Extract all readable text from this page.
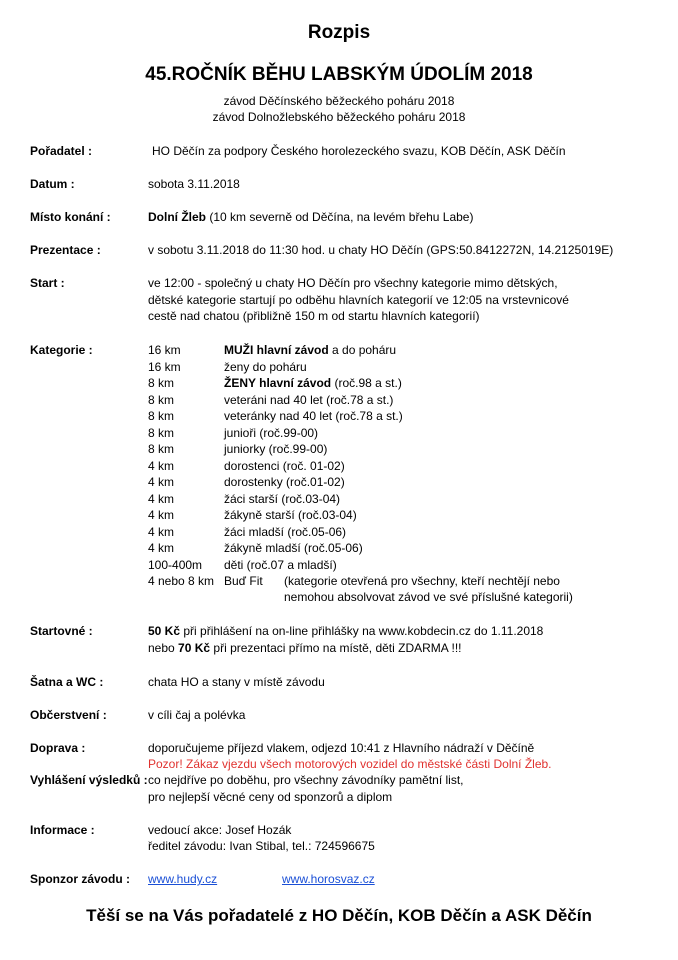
Rozpis
45.ROČNÍK BĚHU LABSKÝM ÚDOLÍM 2018
závod Děčínského běžeckého poháru 2018
závod Dolnožlebského běžeckého poháru 2018
Pořadatel :	HO Děčín za podpory Českého horolezeckého svazu, KOB Děčín, ASK Děčín
Datum :	sobota 3.11.2018
Místo konání :	Dolní Žleb (10 km severně od Děčína, na levém břehu Labe)
Prezentace :	v sobotu 3.11.2018 do 11:30 hod. u chaty HO Děčín (GPS:50.8412272N, 14.2125019E)
Start :	ve 12:00 - společný u chaty HO Děčín pro všechny kategorie mimo dětských,
dětské kategorie startují po odběhu hlavních kategorií ve 12:05 na vrstevnicové
cestě nad chatou (přibližně 150 m od startu hlavních kategorií)
Kategorie :	16 km	MUŽI hlavní závod a do poháru
16 km	ženy do poháru
8 km	ŽENY hlavní závod (roč.98 a st.)
8 km	veteráni nad 40 let (roč.78 a st.)
8 km	veteránky nad 40 let (roč.78 a st.)
8 km	junioři (roč.99-00)
8 km	juniorky (roč.99-00)
4 km	dorostenci (roč. 01-02)
4 km	dorostenky (roč.01-02)
4 km	žáci starší (roč.03-04)
4 km	žákyně starší (roč.03-04)
4 km	žáci mladší (roč.05-06)
4 km	žákyně mladší (roč.05-06)
100-400m děti (roč.07 a mladší)
4 nebo 8 km Buď Fit (kategorie otevřená pro všechny, kteří nechtějí nebo
nemohou absolvovat závod ve své příslušné kategorii)
Startovné :	50 Kč při přihlášení na on-line přihlášky na www.kobdecin.cz do 1.11.2018
nebo 70 Kč při prezentaci přímo na místě, děti ZDARMA !!!
Šatna a WC :	chata HO a stany v místě závodu
Občerstvení :	v cíli čaj a polévka
Doprava :	doporučujeme příjezd vlakem, odjezd 10:41 z Hlavního nádraží v Děčíně
Pozor! Zákaz vjezdu všech motorových vozidel do městské části Dolní Žleb.
Vyhlášení výsledků : co nejdříve po doběhu, pro všechny závodníky pamětní list,
pro nejlepší věcné ceny od sponzorů a diplom
Informace :	vedoucí akce: Josef Hozák
ředitel závodu: Ivan Stibal, tel.: 724596675
Sponzor závodu : www.hudy.cz	www.horosvaz.cz
Těší se na Vás pořadatelé z HO Děčín, KOB Děčín a ASK Děčín
